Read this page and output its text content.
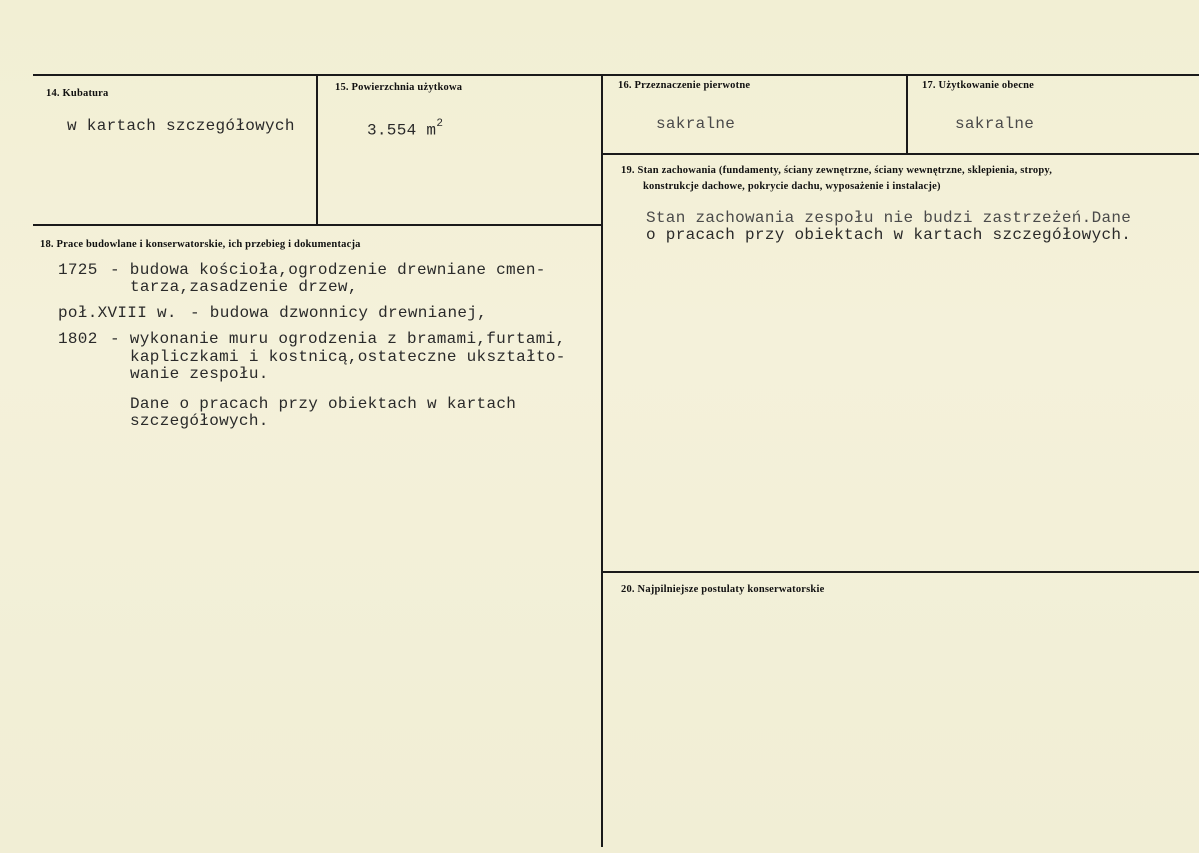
14. Kubatura
w kartach szczegółowych
15. Powierzchnia użytkowa
3.554 $m^2$
16. Przeznaczenie pierwotne
sakralne
17. Użytkowanie obecne
sakralne
18. Prace budowlane i konserwatorskie, ich przebieg i dokumentacja
1725 - budowa kościoła,ogrodzenie drewniane cmen-
tarza,zasadzenie drzew,
poł.XVIII w. - budowa dzwonnicy drewnianej,
1802 - wykonanie muru ogrodzenia z bramami,furtami,
kapliczkami i kostnicą,ostateczne ukształto-
wanie zespołu.
Dane o pracach przy obiektach w kartach
szczegółowych.
19. Stan zachowania (fundamenty, ściany zewnętrzne, ściany wewnętrzne, sklepienia, stropy,
konstrukcje dachowe, pokrycie dachu, wyposażenie i instalacje)
Stan zachowania zespołu nie budzi zastrzeżeń.Dane
o pracach przy obiektach w kartach szczegółowych.
20. Najpilniejsze postulaty konserwatorskie
